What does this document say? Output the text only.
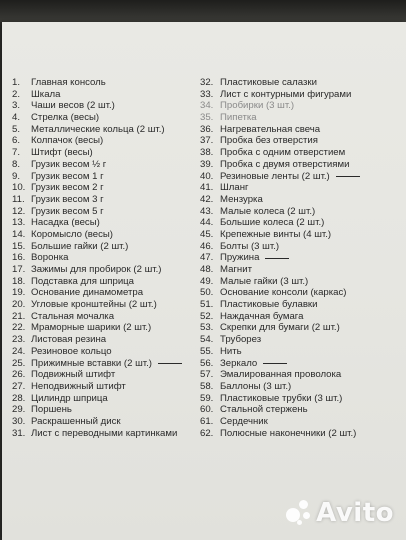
1.	Главная консоль
2.	Шкала
3.	Чаши весов (2 шт.)
4.	Стрелка (весы)
5.	Металлические кольца (2 шт.)
6.	Колпачок (весы)
7.	Штифт (весы)
8.	Грузик весом ½ г
9.	Грузик весом 1 г
10. Грузик весом 2 г
11. Грузик весом 3 г
12. Грузик весом 5 г
13. Насадка (весы)
14. Коромысло (весы)
15. Большие гайки (2 шт.)
16. Воронка
17. Зажимы для пробирок (2 шт.)
18. Подставка для шприца
19. Основание динамометра
20. Угловые кронштейны (2 шт.)
21. Стальная мочалка
22. Мраморные шарики (2 шт.)
23. Листовая резина
24. Резиновое кольцо
25. Прижимные вставки (2 шт.)
26. Подвижный штифт
27. Неподвижный штифт
28. Цилиндр шприца
29. Поршень
30. Раскрашенный диск
31. Лист с переводными картинками
32. Пластиковые салазки
33. Лист с контурными фигурами
34. Пробирки (3 шт.)
35. Пипетка
36. Нагревательная свеча
37. Пробка без отверстия
38. Пробка с одним отверстием
39. Пробка с двумя отверстиями
40. Резиновые ленты (2 шт.)
41. Шланг
42. Мензурка
43. Малые колеса (2 шт.)
44. Большие колеса (2 шт.)
45. Крепежные винты (4 шт.)
46. Болты (3 шт.)
47. Пружина
48. Магнит
49. Малые гайки (3 шт.)
50. Основание консоли (каркас)
51. Пластиковые булавки
52. Наждачная бумага
53. Скрепки для бумаги (2 шт.)
54. Труборез
55. Нить
56. Зеркало
57. Эмалированная проволока
58. Баллоны (3 шт.)
59. Пластиковые трубки (3 шт.)
60. Стальной стержень
61. Сердечник
62. Полюсные наконечники (2 шт.)
Avito
